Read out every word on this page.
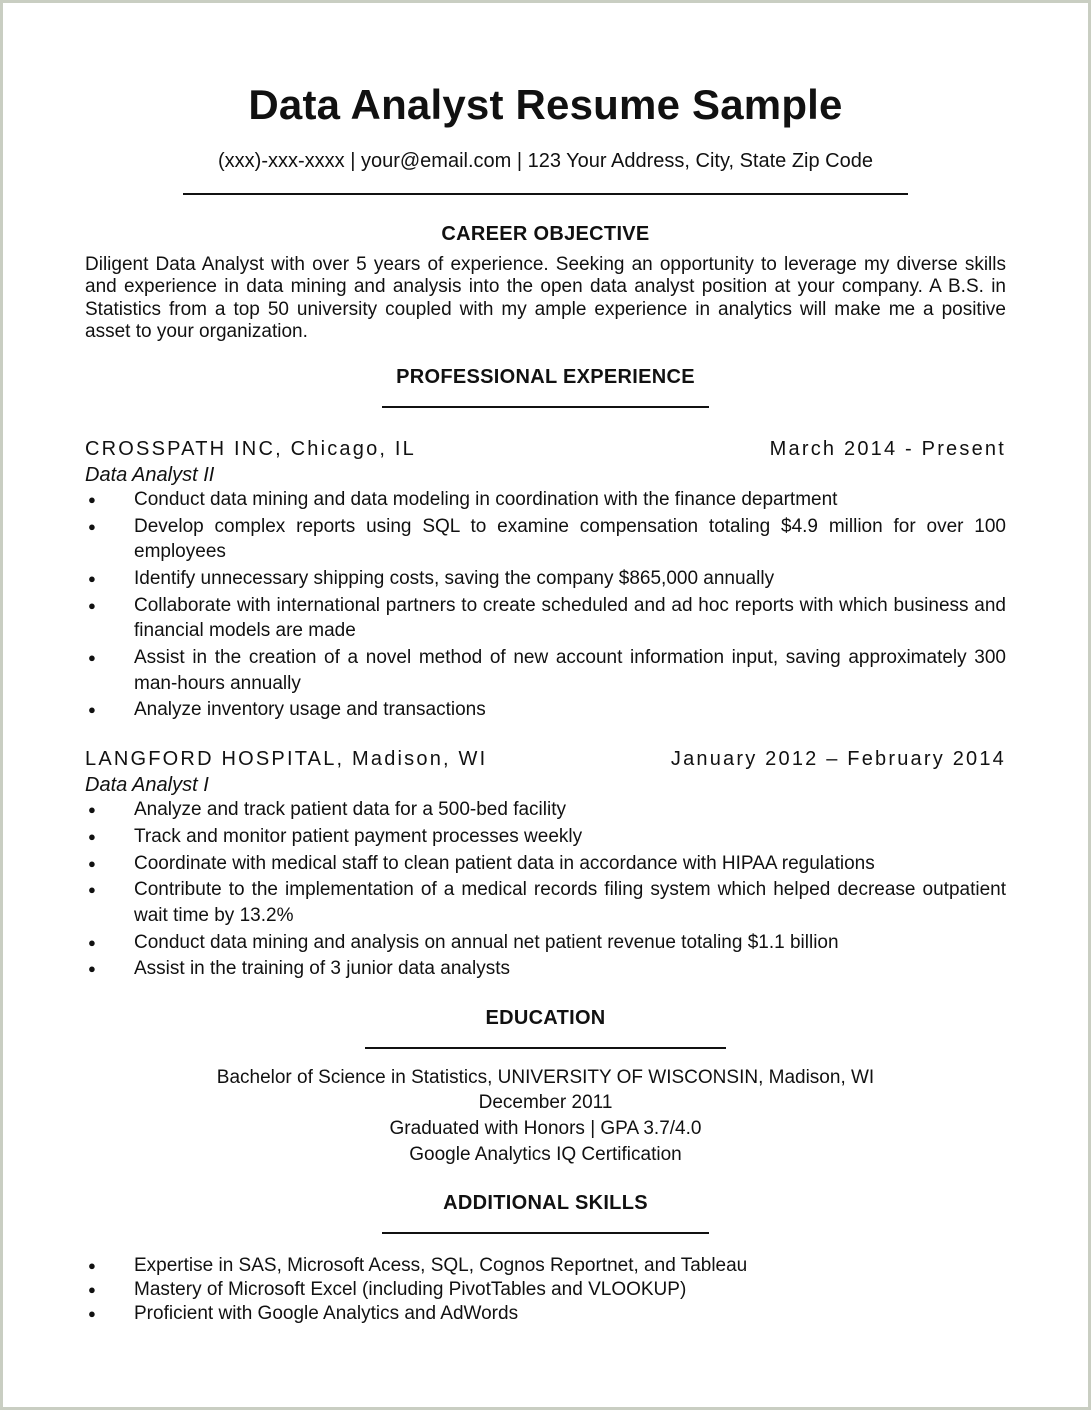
Data Analyst Resume Sample
(xxx)-xxx-xxxx | your@email.com | 123 Your Address, City, State Zip Code
CAREER OBJECTIVE
Diligent Data Analyst with over 5 years of experience. Seeking an opportunity to leverage my diverse skills and experience in data mining and analysis into the open data analyst position at your company. A B.S. in Statistics from a top 50 university coupled with my ample experience in analytics will make me a positive asset to your organization.
PROFESSIONAL EXPERIENCE
CROSSPATH INC, Chicago, IL	March 2014 - Present
Data Analyst II
● Conduct data mining and data modeling in coordination with the finance department
● Develop complex reports using SQL to examine compensation totaling $4.9 million for over 100 employees
● Identify unnecessary shipping costs, saving the company $865,000 annually
● Collaborate with international partners to create scheduled and ad hoc reports with which business and financial models are made
● Assist in the creation of a novel method of new account information input, saving approximately 300 man-hours annually
● Analyze inventory usage and transactions
LANGFORD HOSPITAL, Madison, WI	January 2012 – February 2014
Data Analyst I
● Analyze and track patient data for a 500-bed facility
● Track and monitor patient payment processes weekly
● Coordinate with medical staff to clean patient data in accordance with HIPAA regulations
● Contribute to the implementation of a medical records filing system which helped decrease outpatient wait time by 13.2%
● Conduct data mining and analysis on annual net patient revenue totaling $1.1 billion
● Assist in the training of 3 junior data analysts
EDUCATION
Bachelor of Science in Statistics, UNIVERSITY OF WISCONSIN, Madison, WI
December 2011
Graduated with Honors | GPA 3.7/4.0
Google Analytics IQ Certification
ADDITIONAL SKILLS
● Expertise in SAS, Microsoft Acess, SQL, Cognos Reportnet, and Tableau
● Mastery of Microsoft Excel (including PivotTables and VLOOKUP)
● Proficient with Google Analytics and AdWords
